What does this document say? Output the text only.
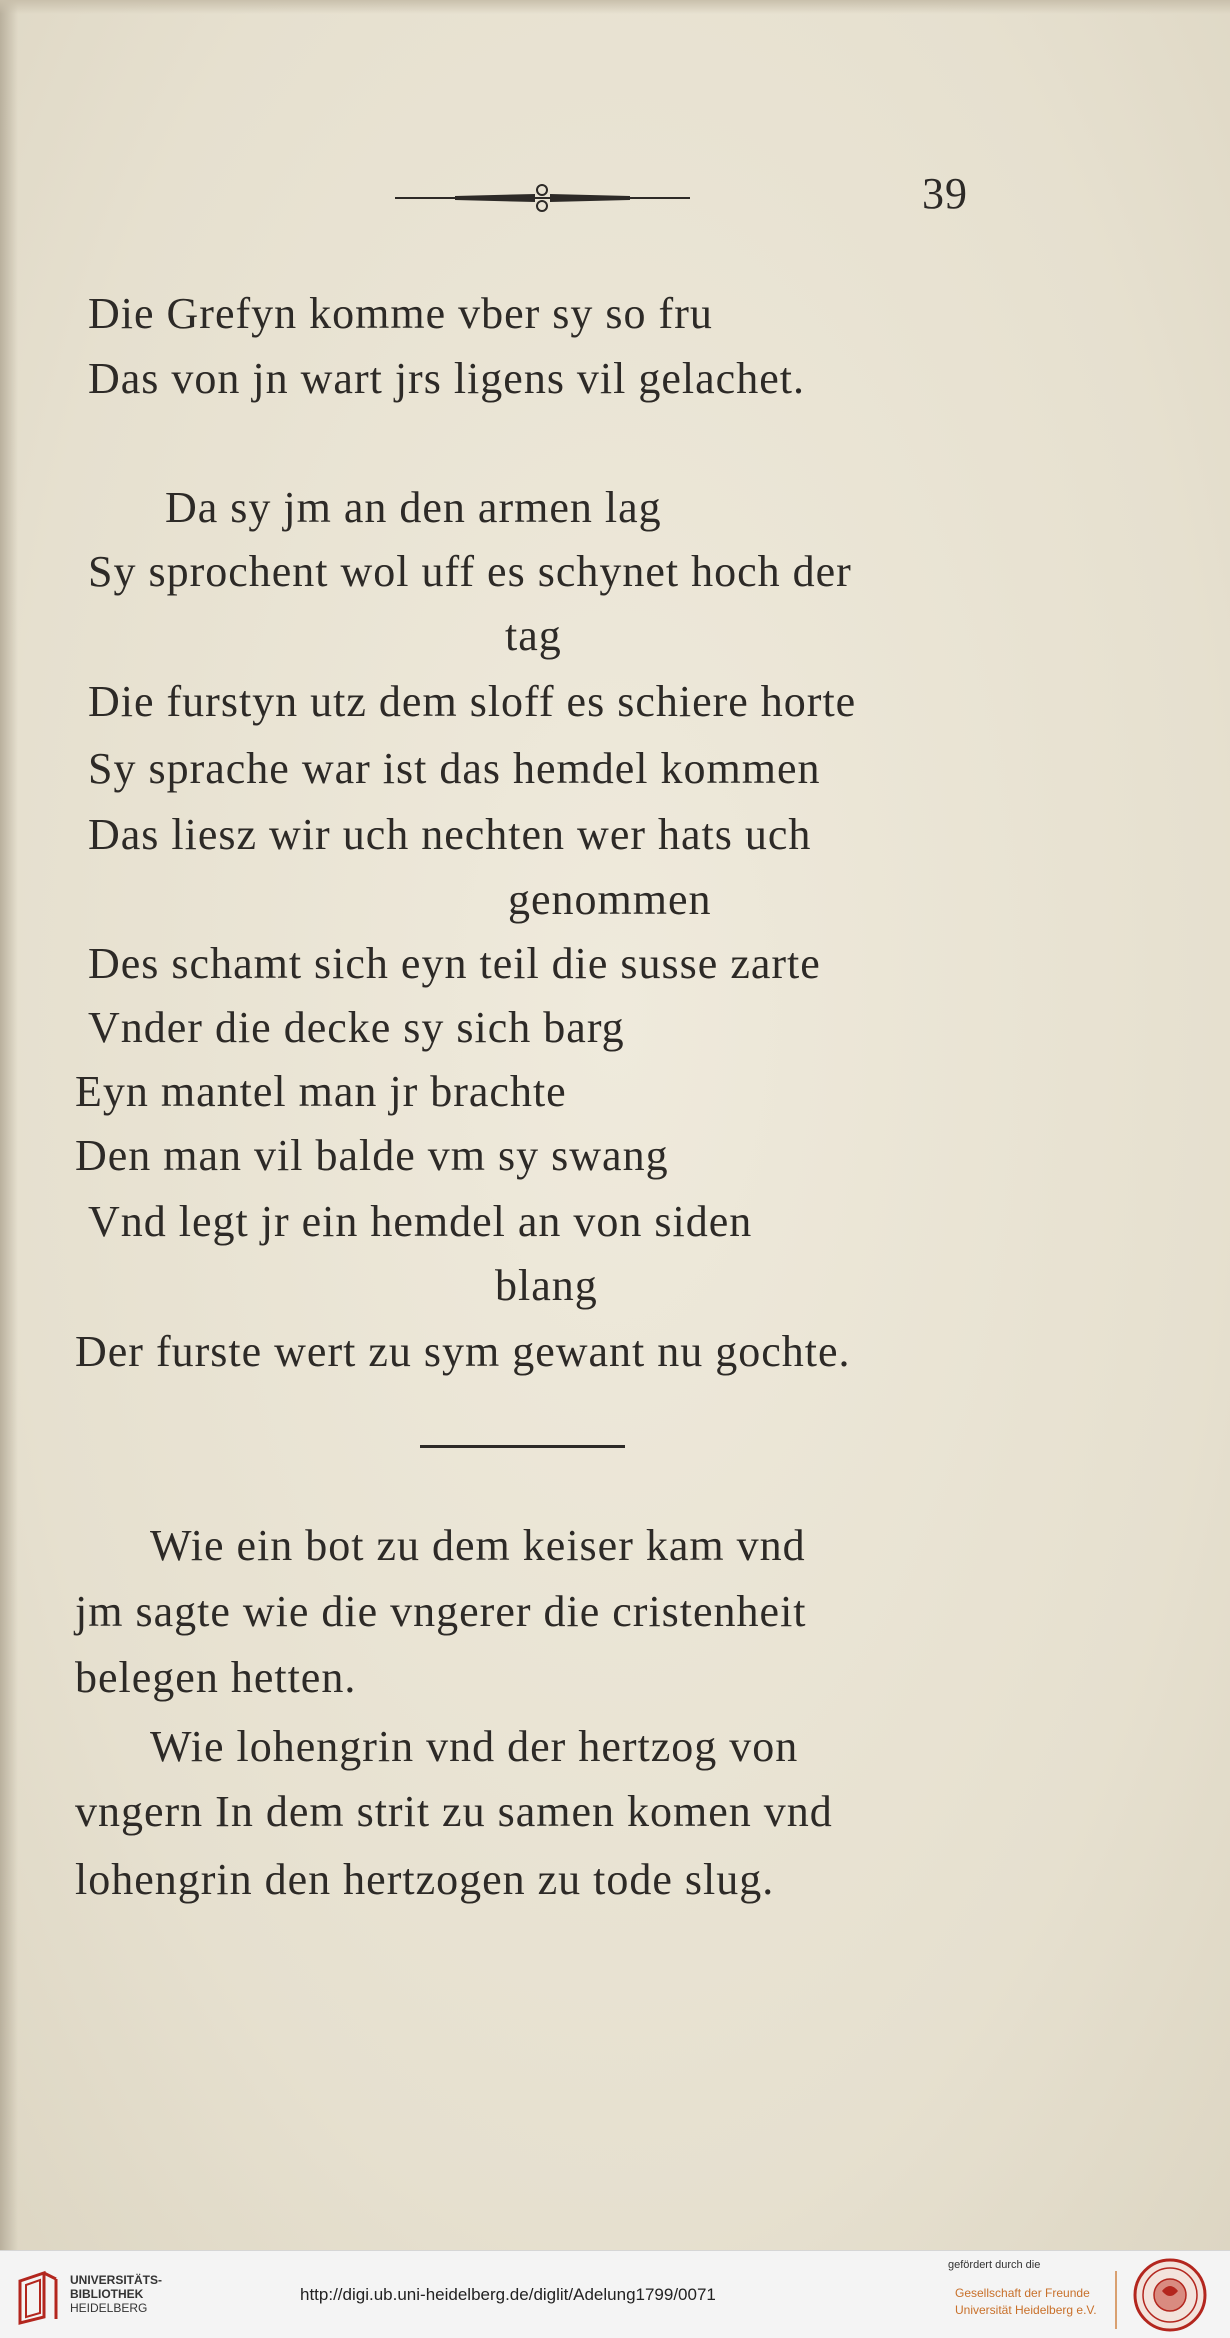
39
Die Grefyn komme vber sy so fru
Das von jn wart jrs ligens vil gelachet.
Da sy jm an den armen lag
Sy sprochent wol uff es schynet hoch der
tag
Die furstyn utz dem sloff es schiere horte
Sy sprache war ist das hemdel kommen
Das liesz wir uch nechten wer hats uch
genommen
Des schamt sich eyn teil die susse zarte
Vnder die decke sy sich barg
Eyn mantel man jr brachte
Den man vil balde vm sy swang
Vnd legt jr ein hemdel an von siden
blang
Der furste wert zu sym gewant nu gochte.
Wie ein bot zu dem keiser kam vnd
jm sagte wie die vngerer die cristenheit
belegen hetten.
Wie lohengrin vnd der hertzog von
vngern In dem strit zu samen komen vnd
lohengrin den hertzogen zu tode slug.
UNIVERSITÄTS-
BIBLIOTHEK
HEIDELBERG
http://digi.ub.uni-heidelberg.de/diglit/Adelung1799/0071
gefördert durch die
Gesellschaft der Freunde
Universität Heidelberg e.V.
